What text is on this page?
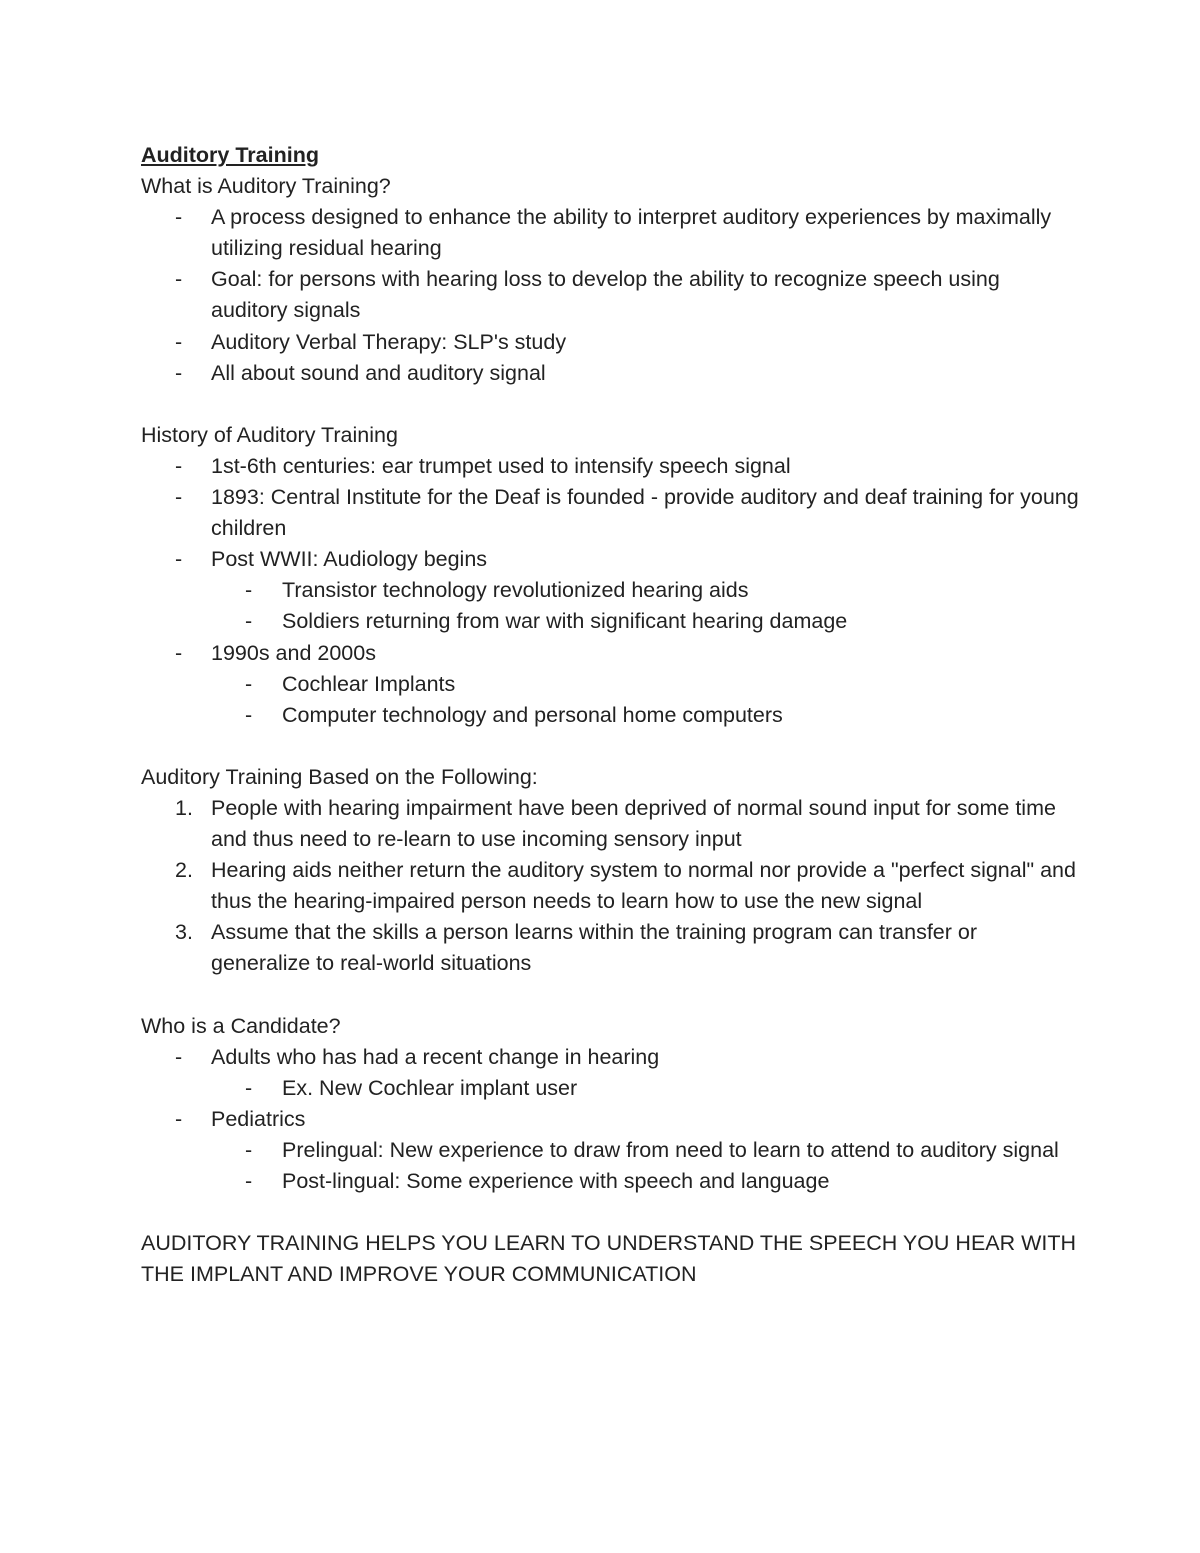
Auditory Training
What is Auditory Training?
- A process designed to enhance the ability to interpret auditory experiences by maximally utilizing residual hearing
- Goal: for persons with hearing loss to develop the ability to recognize speech using auditory signals
- Auditory Verbal Therapy: SLP's study
- All about sound and auditory signal
History of Auditory Training
- 1st-6th centuries: ear trumpet used to intensify speech signal
- 1893: Central Institute for the Deaf is founded - provide auditory and deaf training for young children
- Post WWII: Audiology begins
- Transistor technology revolutionized hearing aids
- Soldiers returning from war with significant hearing damage
- 1990s and 2000s
- Cochlear Implants
- Computer technology and personal home computers
Auditory Training Based on the Following:
1. People with hearing impairment have been deprived of normal sound input for some time and thus need to re-learn to use incoming sensory input
2. Hearing aids neither return the auditory system to normal nor provide a "perfect signal" and thus the hearing-impaired person needs to learn how to use the new signal
3. Assume that the skills a person learns within the training program can transfer or generalize to real-world situations
Who is a Candidate?
- Adults who has had a recent change in hearing
- Ex. New Cochlear implant user
- Pediatrics
- Prelingual: New experience to draw from need to learn to attend to auditory signal
- Post-lingual: Some experience with speech and language
AUDITORY TRAINING HELPS YOU LEARN TO UNDERSTAND THE SPEECH YOU HEAR WITH THE IMPLANT AND IMPROVE YOUR COMMUNICATION
